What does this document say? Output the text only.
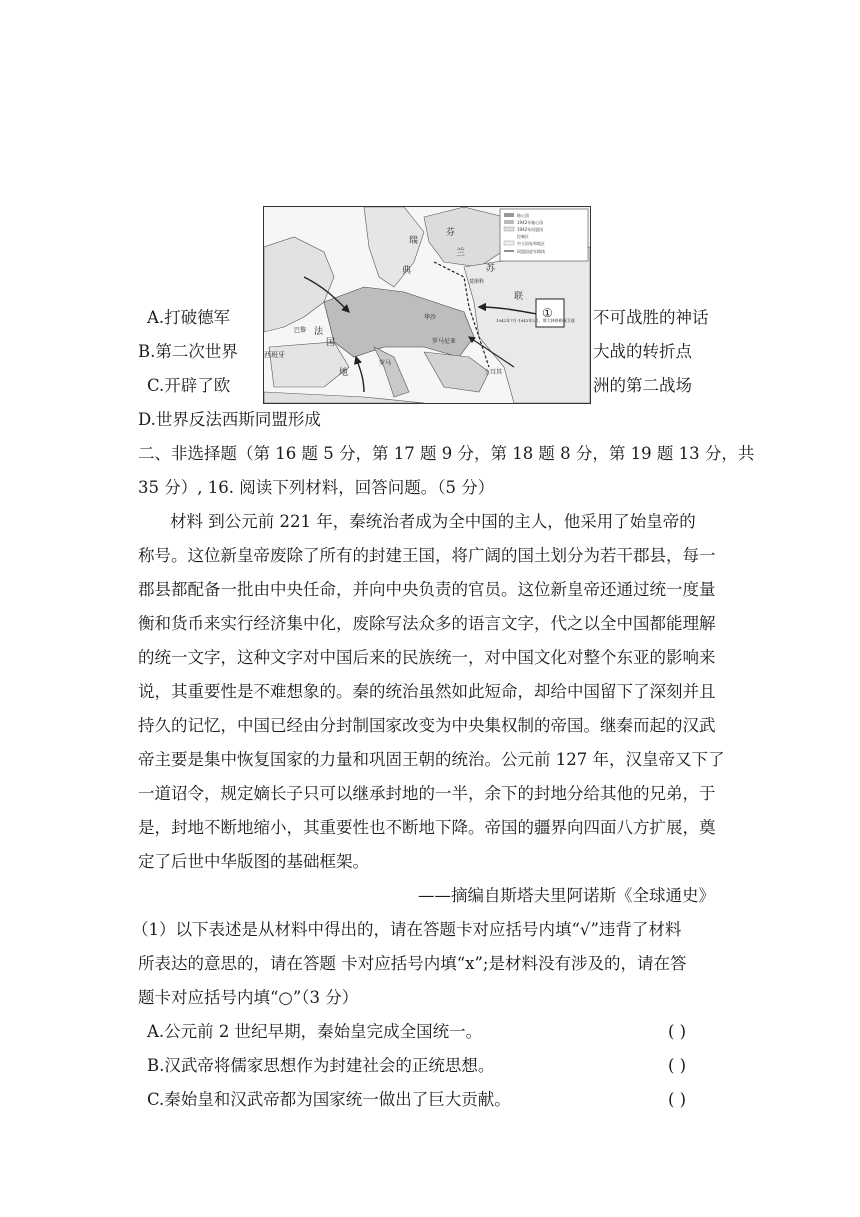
轴心国
1942年轴心国
1942年同盟国
控制区
中立国家和地区
同盟国进军路线
芬
兰
瑞
典	苏
联
法
国
巴黎
西班牙
华沙
罗马尼亚
地
罗马
土耳其
莫斯科
①
1942年7月-1943年2月，斯大林格勒保卫战
A.打破德军	不可战胜的神话
B.第二次世界	大战的转折点
C.开辟了欧	洲的第二战场
D.世界反法西斯同盟形成
二、非选择题（第 16 题 5 分，第 17 题 9 分，第 18 题 8 分，第 19 题 13 分，共
35 分）, 16. 阅读下列材料，回答问题。（5 分）
材料 到公元前 221 年，秦统治者成为全中国的主人，他采用了始皇帝的
称号。这位新皇帝废除了所有的封建王国，将广阔的国土划分为若干郡县，每一
郡县都配备一批由中央任命，并向中央负责的官员。这位新皇帝还通过统一度量
衡和货币来实行经济集中化，废除写法众多的语言文字，代之以全中国都能理解
的统一文字，这种文字对中国后来的民族统一，对中国文化对整个东亚的影响来
说，其重要性是不难想象的。秦的统治虽然如此短命，却给中国留下了深刻并且
持久的记忆，中国已经由分封制国家改变为中央集权制的帝国。继秦而起的汉武
帝主要是集中恢复国家的力量和巩固王朝的统治。公元前 127 年，汉皇帝又下了
一道诏令，规定嫡长子只可以继承封地的一半，余下的封地分给其他的兄弟，于
是，封地不断地缩小，其重要性也不断地下降。帝国的疆界向四面八方扩展，奠
定了后世中华版图的基础框架。
——摘编自斯塔夫里阿诺斯《全球通史》
（1）以下表述是从材料中得出的，请在答题卡对应括号内填“√”违背了材料
所表达的意思的，请在答题 卡对应括号内填“x”;是材料没有涉及的，请在答
题卡对应括号内填“○”（3 分）
A.公元前 2 世纪早期，秦始皇完成全国统一。	( )
B.汉武帝将儒家思想作为封建社会的正统思想。	( )
C.秦始皇和汉武帝都为国家统一做出了巨大贡献。	( )
